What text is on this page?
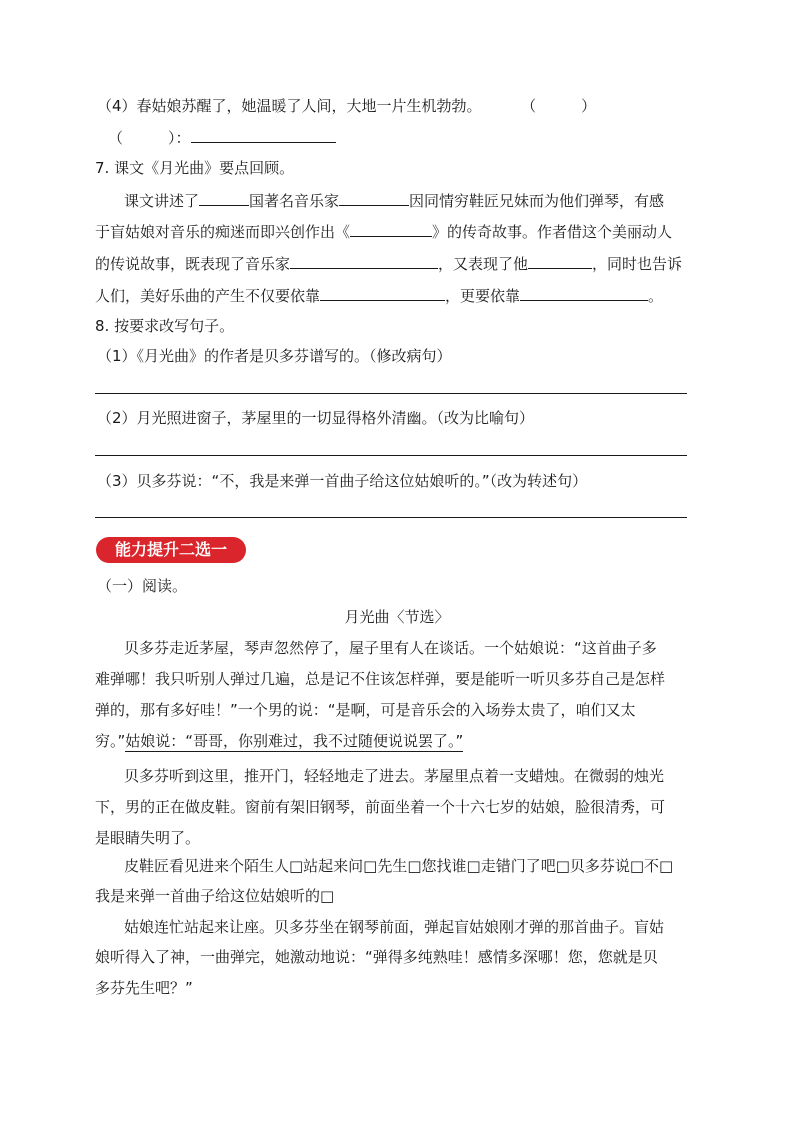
（4）春姑娘苏醒了，她温暖了人间，大地一片生机勃勃。	（　　　）
（　　　）：
7. 课文《月光曲》要点回顾。
课文讲述了	国著名音乐家	因同情穷鞋匠兄妹而为他们弹琴，有感
于盲姑娘对音乐的痴迷而即兴创作出《	》的传奇故事。作者借这个美丽动人
的传说故事，既表现了音乐家	，又表现了他	，同时也告诉
人们，美好乐曲的产生不仅要依靠	，更要依靠	。
8. 按要求改写句子。
（1）《月光曲》的作者是贝多芬谱写的。（修改病句）
（2）月光照进窗子，茅屋里的一切显得格外清幽。（改为比喻句）
（3）贝多芬说：“不，我是来弹一首曲子给这位姑娘听的。”（改为转述句）
能力提升二选一
（一）阅读。
月光曲〈节选〉
贝多芬走近茅屋，琴声忽然停了，屋子里有人在谈话。一个姑娘说：“这首曲子多
难弹哪！我只听别人弹过几遍，总是记不住该怎样弹，要是能听一听贝多芬自己是怎样
弹的，那有多好哇！”一个男的说：“是啊，可是音乐会的入场券太贵了，咱们又太
穷。”姑娘说：“哥哥，你别难过，我不过随便说说罢了。”
贝多芬听到这里，推开门，轻轻地走了进去。茅屋里点着一支蜡烛。在微弱的烛光
下，男的正在做皮鞋。窗前有架旧钢琴，前面坐着一个十六七岁的姑娘，脸很清秀，可
是眼睛失明了。
皮鞋匠看见进来个陌生人□站起来问□先生□您找谁□走错门了吧□贝多芬说□不□
我是来弹一首曲子给这位姑娘听的□
姑娘连忙站起来让座。贝多芬坐在钢琴前面，弹起盲姑娘刚才弹的那首曲子。盲姑
娘听得入了神，一曲弹完，她激动地说：“弹得多纯熟哇！感情多深哪！您，您就是贝
多芬先生吧？”
